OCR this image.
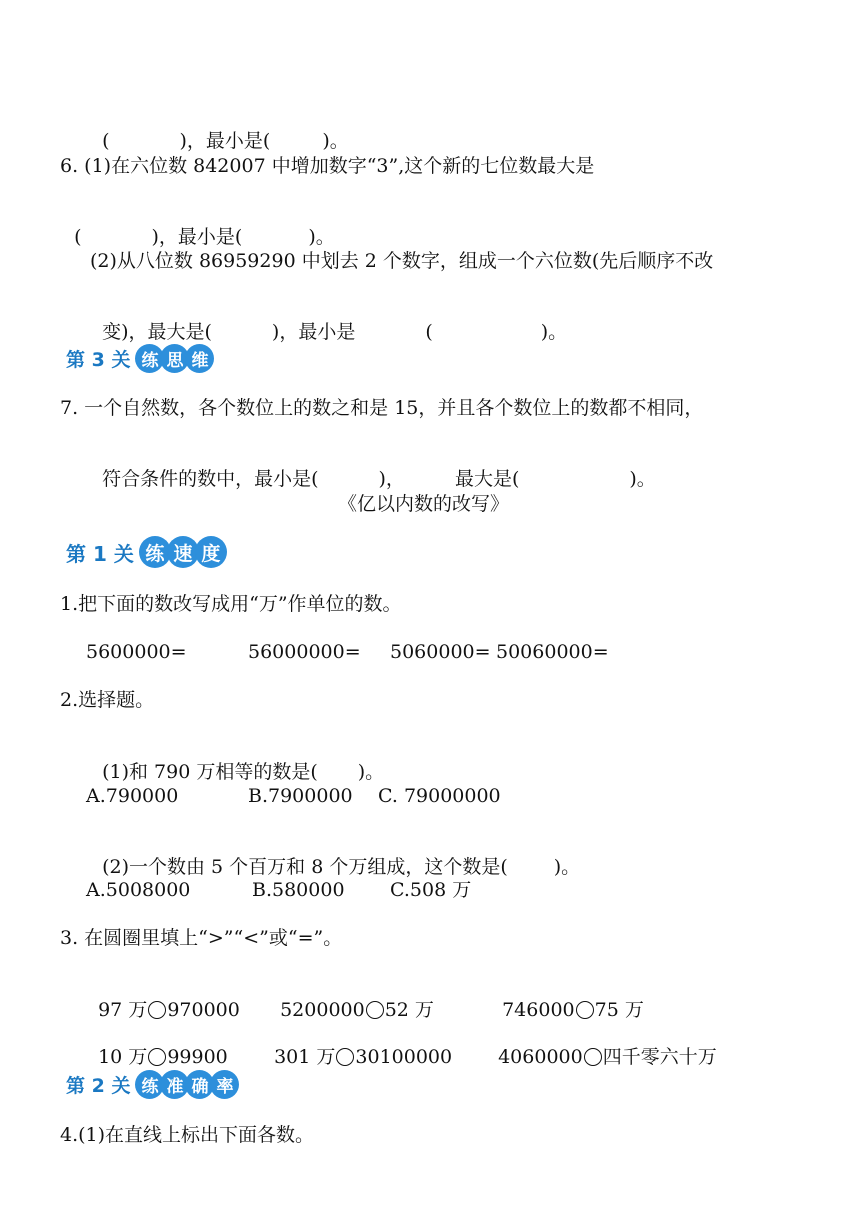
(	)，最小是(	)。

6. (1)在六位数 842007 中增加数字“3”,这个新的七位数最大是

(	)，最小是(	)。

(2)从八位数 86959290 中划去 2 个数字，组成一个六位数(先后顺序不改

变)，最大是(	)，最小是	(	)。

第 3 关 练 思 维
7. 一个自然数，各个数位上的数之和是 15，并且各个数位上的数都不相同，

符合条件的数中，最小是(	)，	最大是(	)。

《亿以内数的改写》
第 1 关 练 速 度
1.把下面的数改写成用“万”作单位的数。
5600000=	56000000= 5060000= 50060000=
2.选择题。

(1)和 790 万相等的数是( )。

A.790000	B.7900000 C. 79000000

(2)一个数由 5 个百万和 8 个万组成，这个数是( )。

A.5008000	B.580000 C.508 万
3. 在圆圈里填上“>”“<”或“=”。

97 万 970000	5200000 52 万	746000 75 万

10 万 99900	301 万 30100000	4060000 四千零六十万

第 2 关 练 准 确 率
4.(1)在直线上标出下面各数。
